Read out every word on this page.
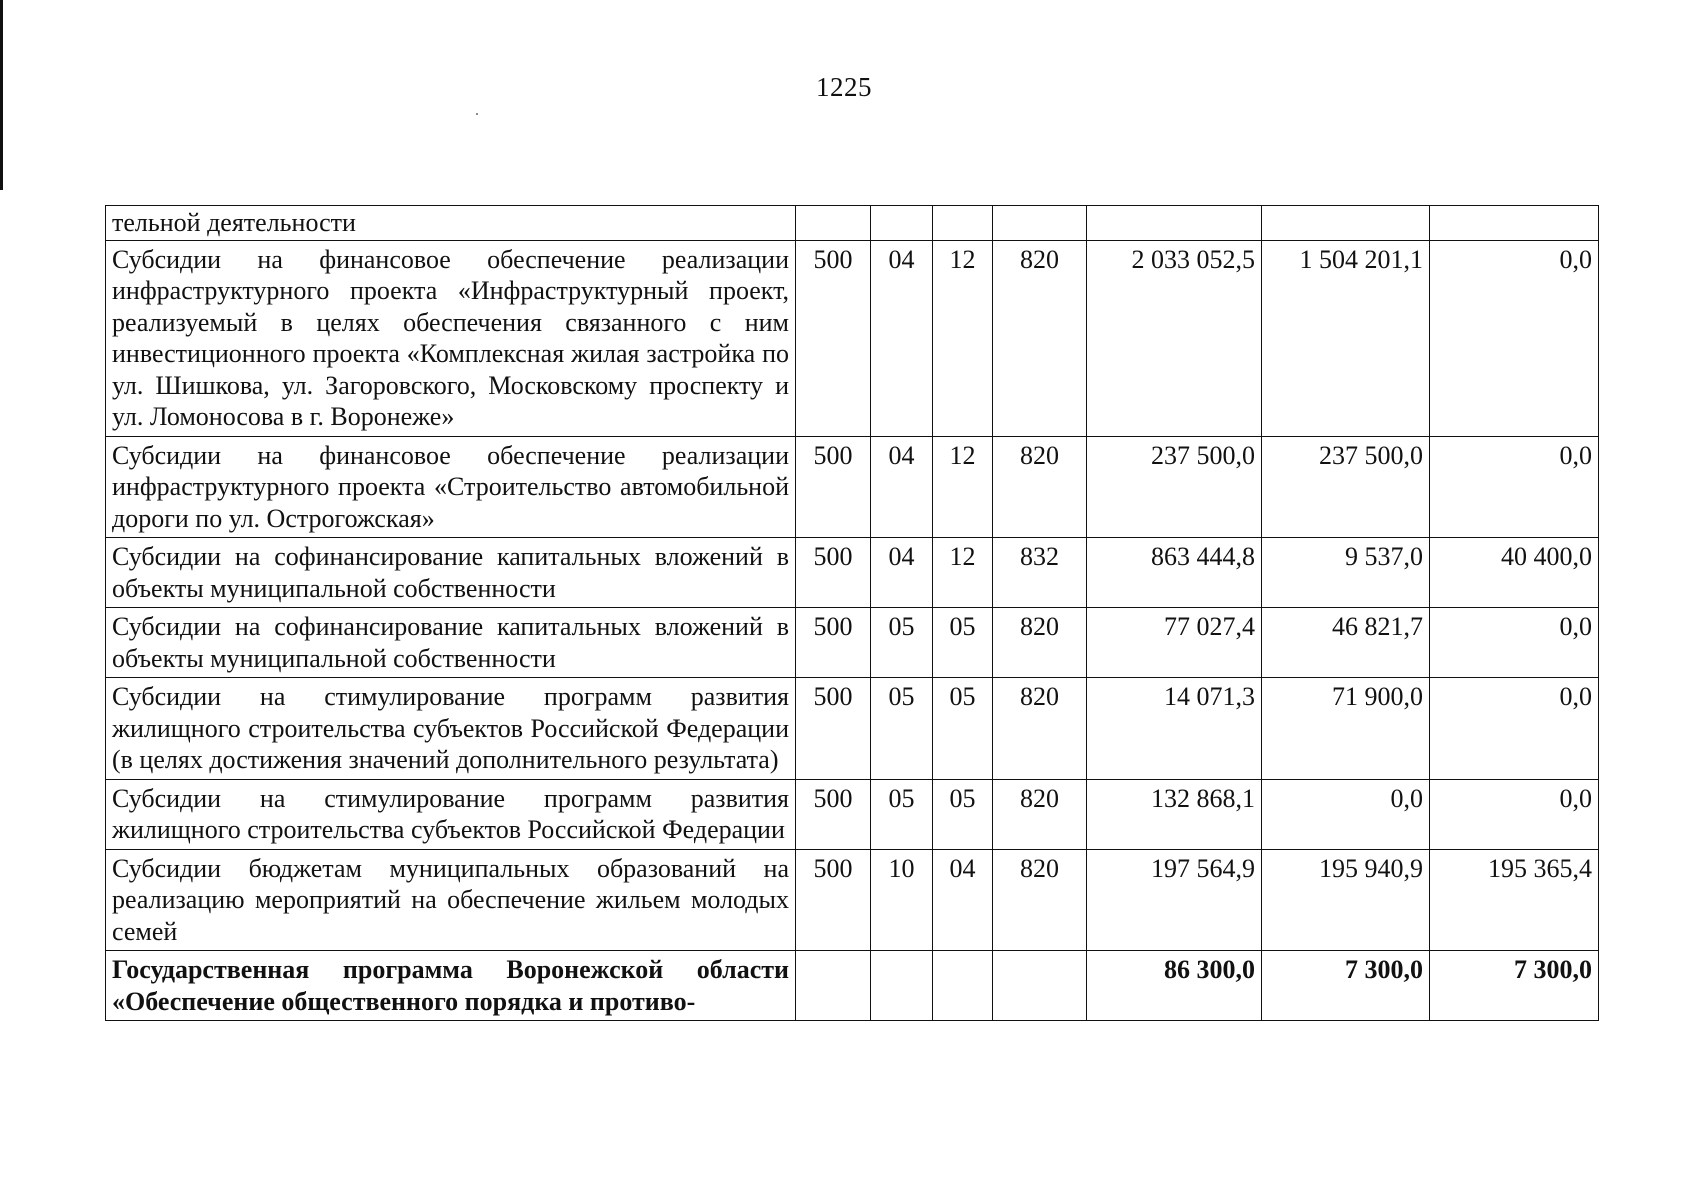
1225
тельной деятельности							
Субсидии на финансовое обеспечение реализации инфраструктурного проекта «Инфраструктурный проект, реализуемый в целях обеспечения связанного с ним инвестиционного проекта «Комплексная жилая застройка по ул. Шишкова, ул. Загоровского, Московскому проспекту и ул. Ломоносова в г. Воронеже»	500	04	12	820	2 033 052,5	1 504 201,1	0,0
Субсидии на финансовое обеспечение реализации инфраструктурного проекта «Строительство автомобильной дороги по ул. Острогожская»	500	04	12	820	237 500,0	237 500,0	0,0
Субсидии на софинансирование капитальных вложений в объекты муниципальной собственности	500	04	12	832	863 444,8	9 537,0	40 400,0
Субсидии на софинансирование капитальных вложений в объекты муниципальной собственности	500	05	05	820	77 027,4	46 821,7	0,0
Субсидии на стимулирование программ развития жилищного строительства субъектов Российской Федерации (в целях достижения значений дополнительного результата)	500	05	05	820	14 071,3	71 900,0	0,0
Субсидии на стимулирование программ развития жилищного строительства субъектов Российской Федерации	500	05	05	820	132 868,1	0,0	0,0
Субсидии бюджетам муниципальных образований на реализацию мероприятий на обеспечение жильем молодых семей	500	10	04	820	197 564,9	195 940,9	195 365,4
Государственная программа Воронежской области «Обеспечение общественного порядка и противо-					86 300,0	7 300,0	7 300,0
